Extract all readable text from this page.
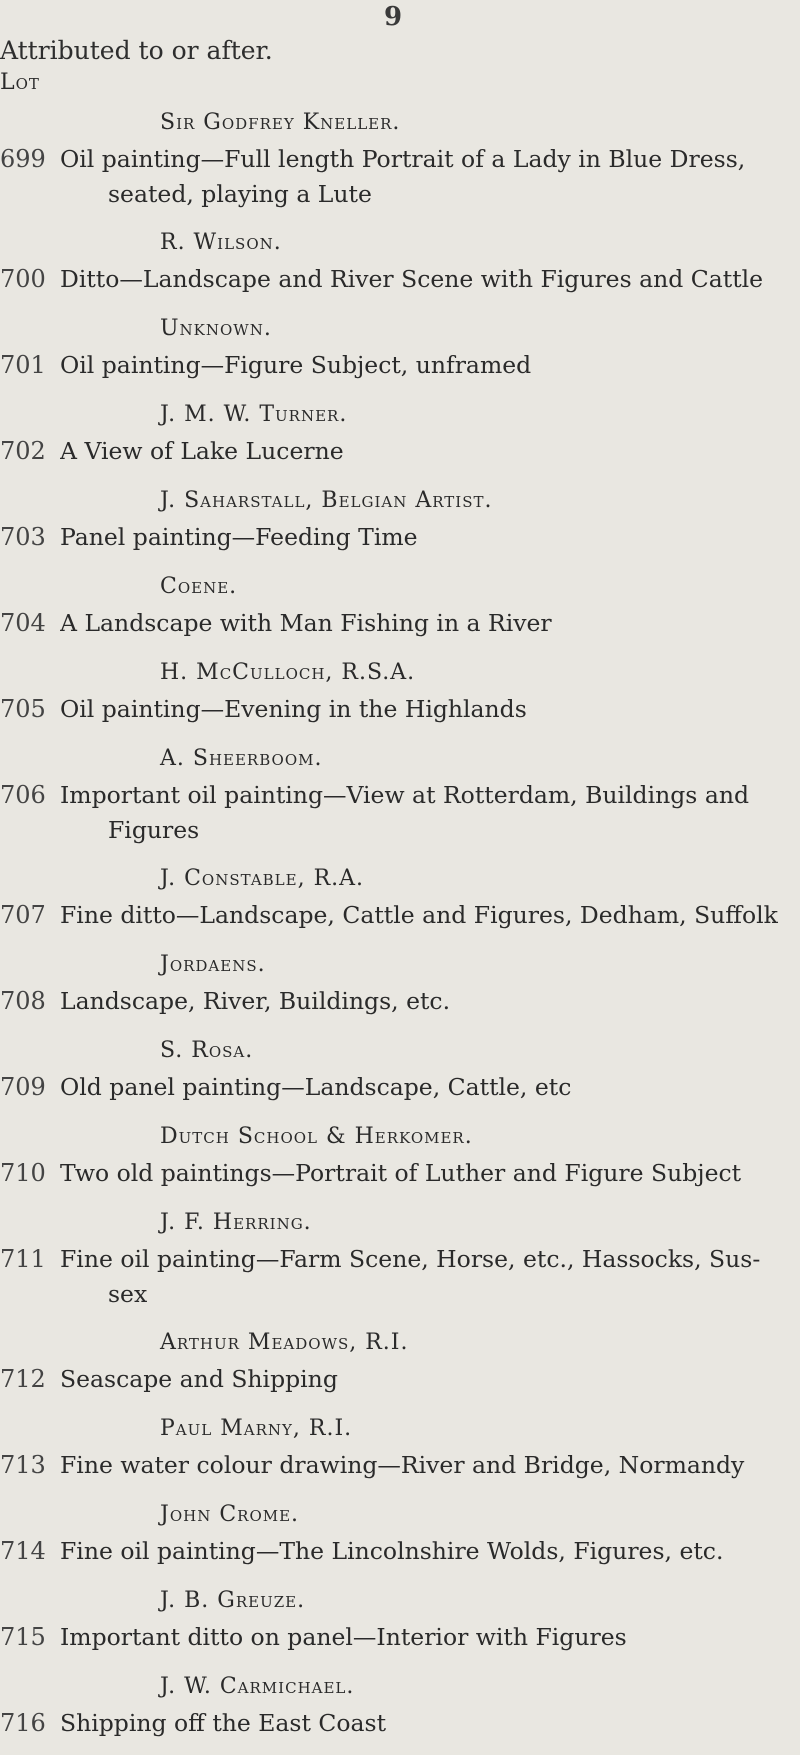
9
Attributed to or after.
Lot
Sir Godfrey Kneller.
699 Oil painting—Full length Portrait of a Lady in Blue Dress,
seated, playing a Lute
R. Wilson.
700 Ditto—Landscape and River Scene with Figures and Cattle
Unknown.
701 Oil painting—Figure Subject, unframed
J. M. W. Turner.
702 A View of Lake Lucerne
J. Saharstall, Belgian Artist.
703 Panel painting—Feeding Time
Coene.
704 A Landscape with Man Fishing in a River
H. McCulloch, R.S.A.
705 Oil painting—Evening in the Highlands
A. Sheerboom.
706 Important oil painting—View at Rotterdam, Buildings and
Figures
J. Constable, R.A.
707 Fine ditto—Landscape, Cattle and Figures, Dedham, Suffolk
Jordaens.
708 Landscape, River, Buildings, etc.
S. Rosa.
709 Old panel painting—Landscape, Cattle, etc
Dutch School & Herkomer.
710 Two old paintings—Portrait of Luther and Figure Subject
J. F. Herring.
711 Fine oil painting—Farm Scene, Horse, etc., Hassocks, Sus-
sex
Arthur Meadows, R.I.
712 Seascape and Shipping
Paul Marny, R.I.
713 Fine water colour drawing—River and Bridge, Normandy
John Crome.
714 Fine oil painting—The Lincolnshire Wolds, Figures, etc.
J. B. Greuze.
715 Important ditto on panel—Interior with Figures
J. W. Carmichael.
716 Shipping off the East Coast
